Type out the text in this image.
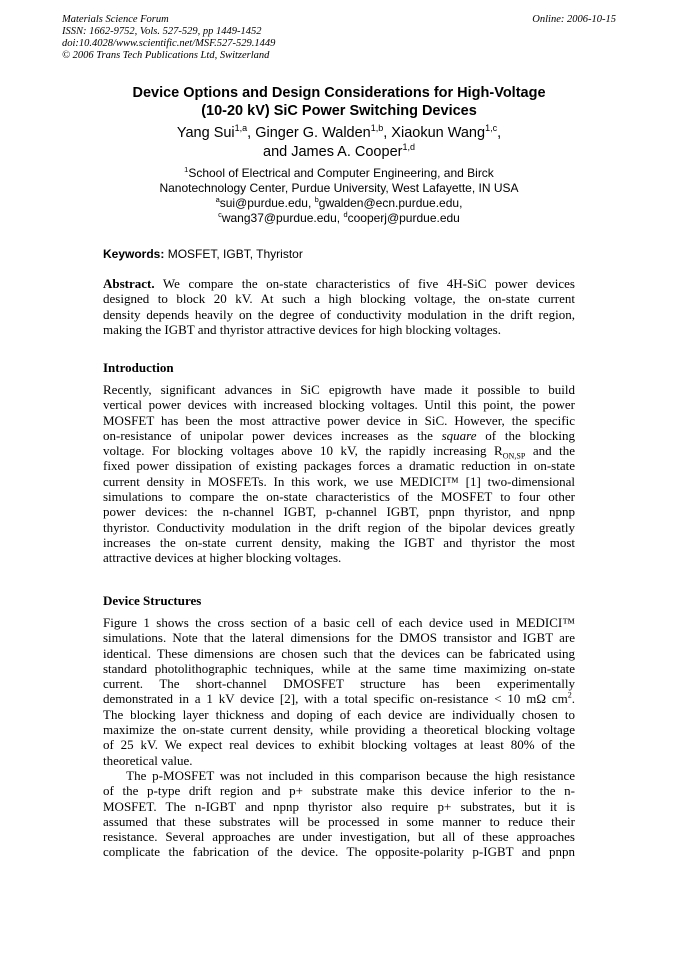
Materials Science Forum
ISSN: 1662-9752, Vols. 527-529, pp 1449-1452
doi:10.4028/www.scientific.net/MSF.527-529.1449
© 2006 Trans Tech Publications Ltd, Switzerland
Online: 2006-10-15
Device Options and Design Considerations for High-Voltage
(10-20 kV) SiC Power Switching Devices
Yang Sui$^{1,a}$, Ginger G. Walden$^{1,b}$, Xiaokun Wang$^{1,c}$,
and James A. Cooper$^{1,d}$
$^1$School of Electrical and Computer Engineering, and Birck
Nanotechnology Center, Purdue University, West Lafayette, IN USA
$^a$sui@purdue.edu, $^b$gwalden@ecn.purdue.edu,
$^c$wang37@purdue.edu, $^d$cooperj@purdue.edu
Keywords: MOSFET, IGBT, Thyristor
Abstract. We compare the on-state characteristics of five 4H-SiC power devices
designed to block 20 kV. At such a high blocking voltage, the on-state current
density depends heavily on the degree of conductivity modulation in the drift region,
making the IGBT and thyristor attractive devices for high blocking voltages.
Introduction
Recently, significant advances in SiC epigrowth have made it possible to build
vertical power devices with increased blocking voltages. Until this point, the power
MOSFET has been the most attractive power device in SiC. However, the specific
on-resistance of unipolar power devices increases as the square of the blocking
voltage. For blocking voltages above 10 kV, the rapidly increasing $R_{ON,SP}$ and the
fixed power dissipation of existing packages forces a dramatic reduction in on-state
current density in MOSFETs. In this work, we use MEDICI™ [1] two-dimensional
simulations to compare the on-state characteristics of the MOSFET to four other
power devices: the n-channel IGBT, p-channel IGBT, pnpn thyristor, and npnp
thyristor. Conductivity modulation in the drift region of the bipolar devices greatly
increases the on-state current density, making the IGBT and thyristor the most
attractive devices at higher blocking voltages.
Device Structures
Figure 1 shows the cross section of a basic cell of each device used in MEDICI™
simulations. Note that the lateral dimensions for the DMOS transistor and IGBT are
identical. These dimensions are chosen such that the devices can be fabricated using
standard photolithographic techniques, while at the same time maximizing on-state
current. The short-channel DMOSFET structure has been experimentally
demonstrated in a 1 kV device [2], with a total specific on-resistance < 10 mΩ $cm^2$.
The blocking layer thickness and doping of each device are individually chosen to
maximize the on-state current density, while providing a theoretical blocking voltage
of 25 kV. We expect real devices to exhibit blocking voltages at least 80% of the
theoretical value.
The p-MOSFET was not included in this comparison because the high resistance
of the p-type drift region and p+ substrate make this device inferior to the n-
MOSFET. The n-IGBT and npnp thyristor also require p+ substrates, but it is
assumed that these substrates will be processed in some manner to reduce their
resistance. Several approaches are under investigation, but all of these approaches
complicate the fabrication of the device. The opposite-polarity p-IGBT and pnpn
